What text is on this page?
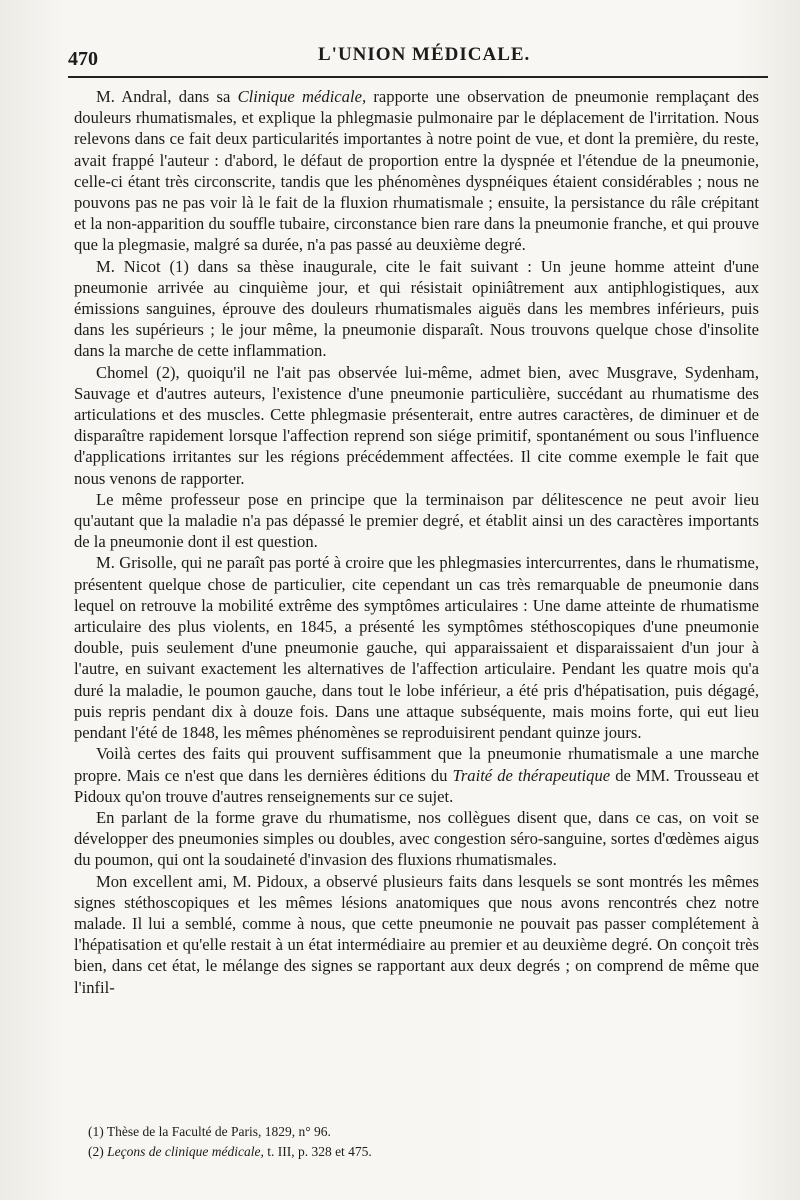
470	L'UNION MÉDICALE.

M. Andral, dans sa Clinique médicale, rapporte une observation de pneumonie remplaçant des douleurs rhumatismales, et explique la phlegmasie pulmonaire par le déplacement de l'irritation. Nous relevons dans ce fait deux particularités importantes à notre point de vue, et dont la première, du reste, avait frappé l'auteur : d'abord, le défaut de proportion entre la dyspnée et l'étendue de la pneumonie, celle-ci étant très circonscrite, tandis que les phénomènes dyspnéiques étaient considérables ; nous ne pouvons pas ne pas voir là le fait de la fluxion rhumatismale ; ensuite, la persistance du râle crépitant et la non-apparition du souffle tubaire, circonstance bien rare dans la pneumonie franche, et qui prouve que la plegmasie, malgré sa durée, n'a pas passé au deuxième degré.

M. Nicot (1) dans sa thèse inaugurale, cite le fait suivant : Un jeune homme atteint d'une pneumonie arrivée au cinquième jour, et qui résistait opiniâtrement aux antiphlogistiques, aux émissions sanguines, éprouve des douleurs rhumatismales aiguës dans les membres inférieurs, puis dans les supérieurs ; le jour même, la pneumonie disparaît. Nous trouvons quelque chose d'insolite dans la marche de cette inflammation.

Chomel (2), quoiqu'il ne l'ait pas observée lui-même, admet bien, avec Musgrave, Sydenham, Sauvage et d'autres auteurs, l'existence d'une pneumonie particulière, succédant au rhumatisme des articulations et des muscles. Cette phlegmasie présenterait, entre autres caractères, de diminuer et de disparaître rapidement lorsque l'affection reprend son siége primitif, spontanément ou sous l'influence d'applications irritantes sur les régions précédemment affectées. Il cite comme exemple le fait que nous venons de rapporter.

Le même professeur pose en principe que la terminaison par délitescence ne peut avoir lieu qu'autant que la maladie n'a pas dépassé le premier degré, et établit ainsi un des caractères importants de la pneumonie dont il est question.

M. Grisolle, qui ne paraît pas porté à croire que les phlegmasies intercurrentes, dans le rhumatisme, présentent quelque chose de particulier, cite cependant un cas très remarquable de pneumonie dans lequel on retrouve la mobilité extrême des symptômes articulaires : Une dame atteinte de rhumatisme articulaire des plus violents, en 1845, a présenté les symptômes stéthoscopiques d'une pneumonie double, puis seulement d'une pneumonie gauche, qui apparaissaient et disparaissaient d'un jour à l'autre, en suivant exactement les alternatives de l'affection articulaire. Pendant les quatre mois qu'a duré la maladie, le poumon gauche, dans tout le lobe inférieur, a été pris d'hépatisation, puis dégagé, puis repris pendant dix à douze fois. Dans une attaque subséquente, mais moins forte, qui eut lieu pendant l'été de 1848, les mêmes phénomènes se reproduisirent pendant quinze jours.

Voilà certes des faits qui prouvent suffisamment que la pneumonie rhumatismale a une marche propre. Mais ce n'est que dans les dernières éditions du Traité de thérapeutique de MM. Trousseau et Pidoux qu'on trouve d'autres renseignements sur ce sujet.

En parlant de la forme grave du rhumatisme, nos collègues disent que, dans ce cas, on voit se développer des pneumonies simples ou doubles, avec congestion séro-sanguine, sortes d'œdèmes aigus du poumon, qui ont la soudaineté d'invasion des fluxions rhumatismales.

Mon excellent ami, M. Pidoux, a observé plusieurs faits dans lesquels se sont montrés les mêmes signes stéthoscopiques et les mêmes lésions anatomiques que nous avons rencontrés chez notre malade. Il lui a semblé, comme à nous, que cette pneumonie ne pouvait pas passer complétement à l'hépatisation et qu'elle restait à un état intermédiaire au premier et au deuxième degré. On conçoit très bien, dans cet état, le mélange des signes se rapportant aux deux degrés ; on comprend de même que l'infil-

(1) Thèse de la Faculté de Paris, 1829, n° 96.
(2) Leçons de clinique médicale, t. III, p. 328 et 475.
